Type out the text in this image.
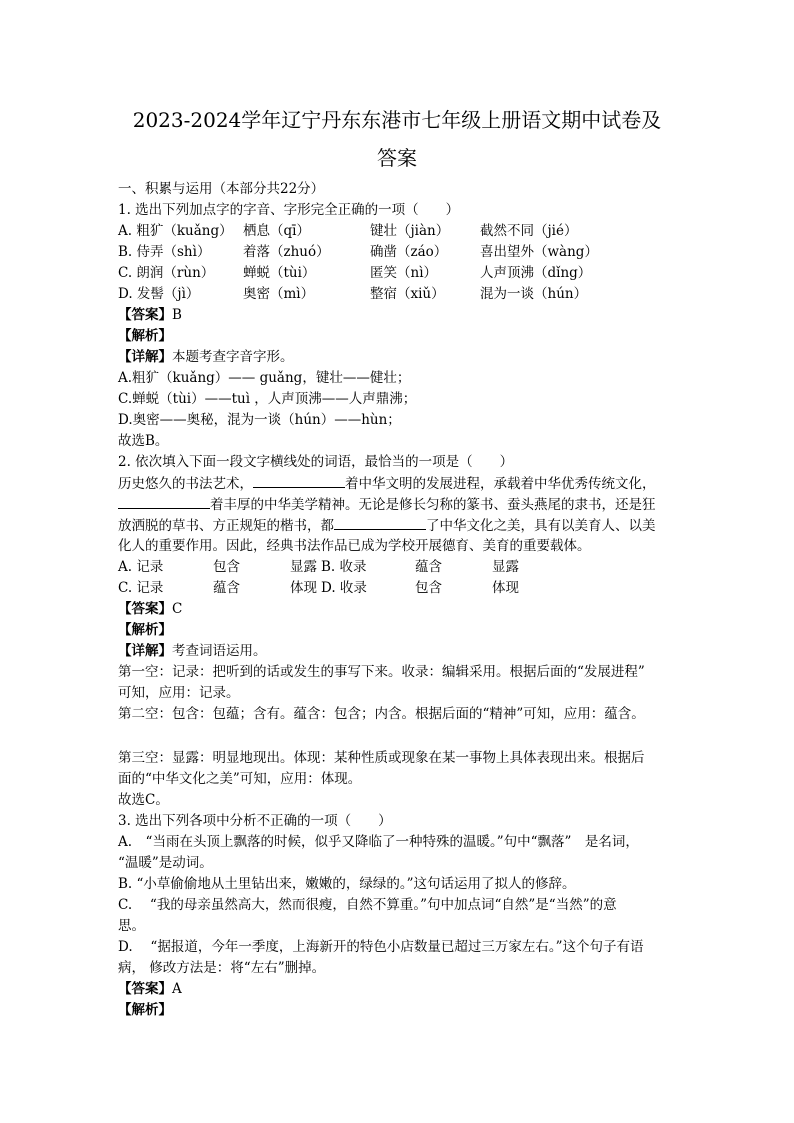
2023-2024学年辽宁丹东东港市七年级上册语文期中试卷及
答案
一、积累与运用（本部分共22分）
1. 选出下列加点字的字音、字形完全正确的一项（　　）
A. 粗犷（kuǎng） 栖息（qī）	键壮（jiàn）	截然不同（jié）
B. 侍弄（shì）	着落（zhuó）	确凿（záo）	喜出望外（wàng）
C. 朗润（rùn）	蝉蜕（tùi）	匿笑（nì）	人声顶沸（dǐng）
D. 发髻（jì）	奥密（mì）	整宿（xiǔ）	混为一谈（hún）
【答案】B
【解析】
【详解】本题考查字音字形。
A.粗犷（kuǎng）—— guǎng，键壮——健壮；
C.蝉蜕（tùi）——tuì ，人声顶沸——人声鼎沸；
D.奥密——奥秘，混为一谈（hún）——hùn；
故选B。
2. 依次填入下面一段文字横线处的词语，最恰当的一项是（　　）
历史悠久的书法艺术，	着中华文明的发展进程，承载着中华优秀传统文化，
着丰厚的中华美学精神。无论是修长匀称的篆书、蚕头燕尾的隶书，还是狂
放洒脱的草书、方正规矩的楷书，都	了中华文化之美，具有以美育人、以美
化人的重要作用。因此，经典书法作品已成为学校开展德育、美育的重要载体。
A. 记录	包含	显露 B. 收录	蕴含	显露
C. 记录	蕴含	体现 D. 收录	包含	体现
【答案】C
【解析】
【详解】考查词语运用。
第一空：记录：把听到的话或发生的事写下来。收录：编辑采用。根据后面的“发展进程”
可知，应用：记录。
第二空：包含：包蕴；含有。蕴含：包含；内含。根据后面的“精神”可知，应用：蕴含。
第三空：显露：明显地现出。体现：某种性质或现象在某一事物上具体表现出来。根据后
面的“中华文化之美”可知，应用：体现。
故选C。
3. 选出下列各项中分析不正确的一项（　　）
A.　“当雨在头顶上飘落的时候，似乎又降临了一种特殊的温暖。”句中“飘落”　是名词，
“温暖”是动词。
B. “小草偷偷地从土里钻出来，嫩嫩的，绿绿的。”这句话运用了拟人的修辞。
C.　 “我的母亲虽然高大，然而很瘦，自然不算重。”句中加点词“自然”是“当然”的意
思。
D.　 “据报道，今年一季度，上海新开的特色小店数量已超过三万家左右。”这个句子有语
病， 修改方法是：将“左右”删掉。
【答案】A
【解析】
